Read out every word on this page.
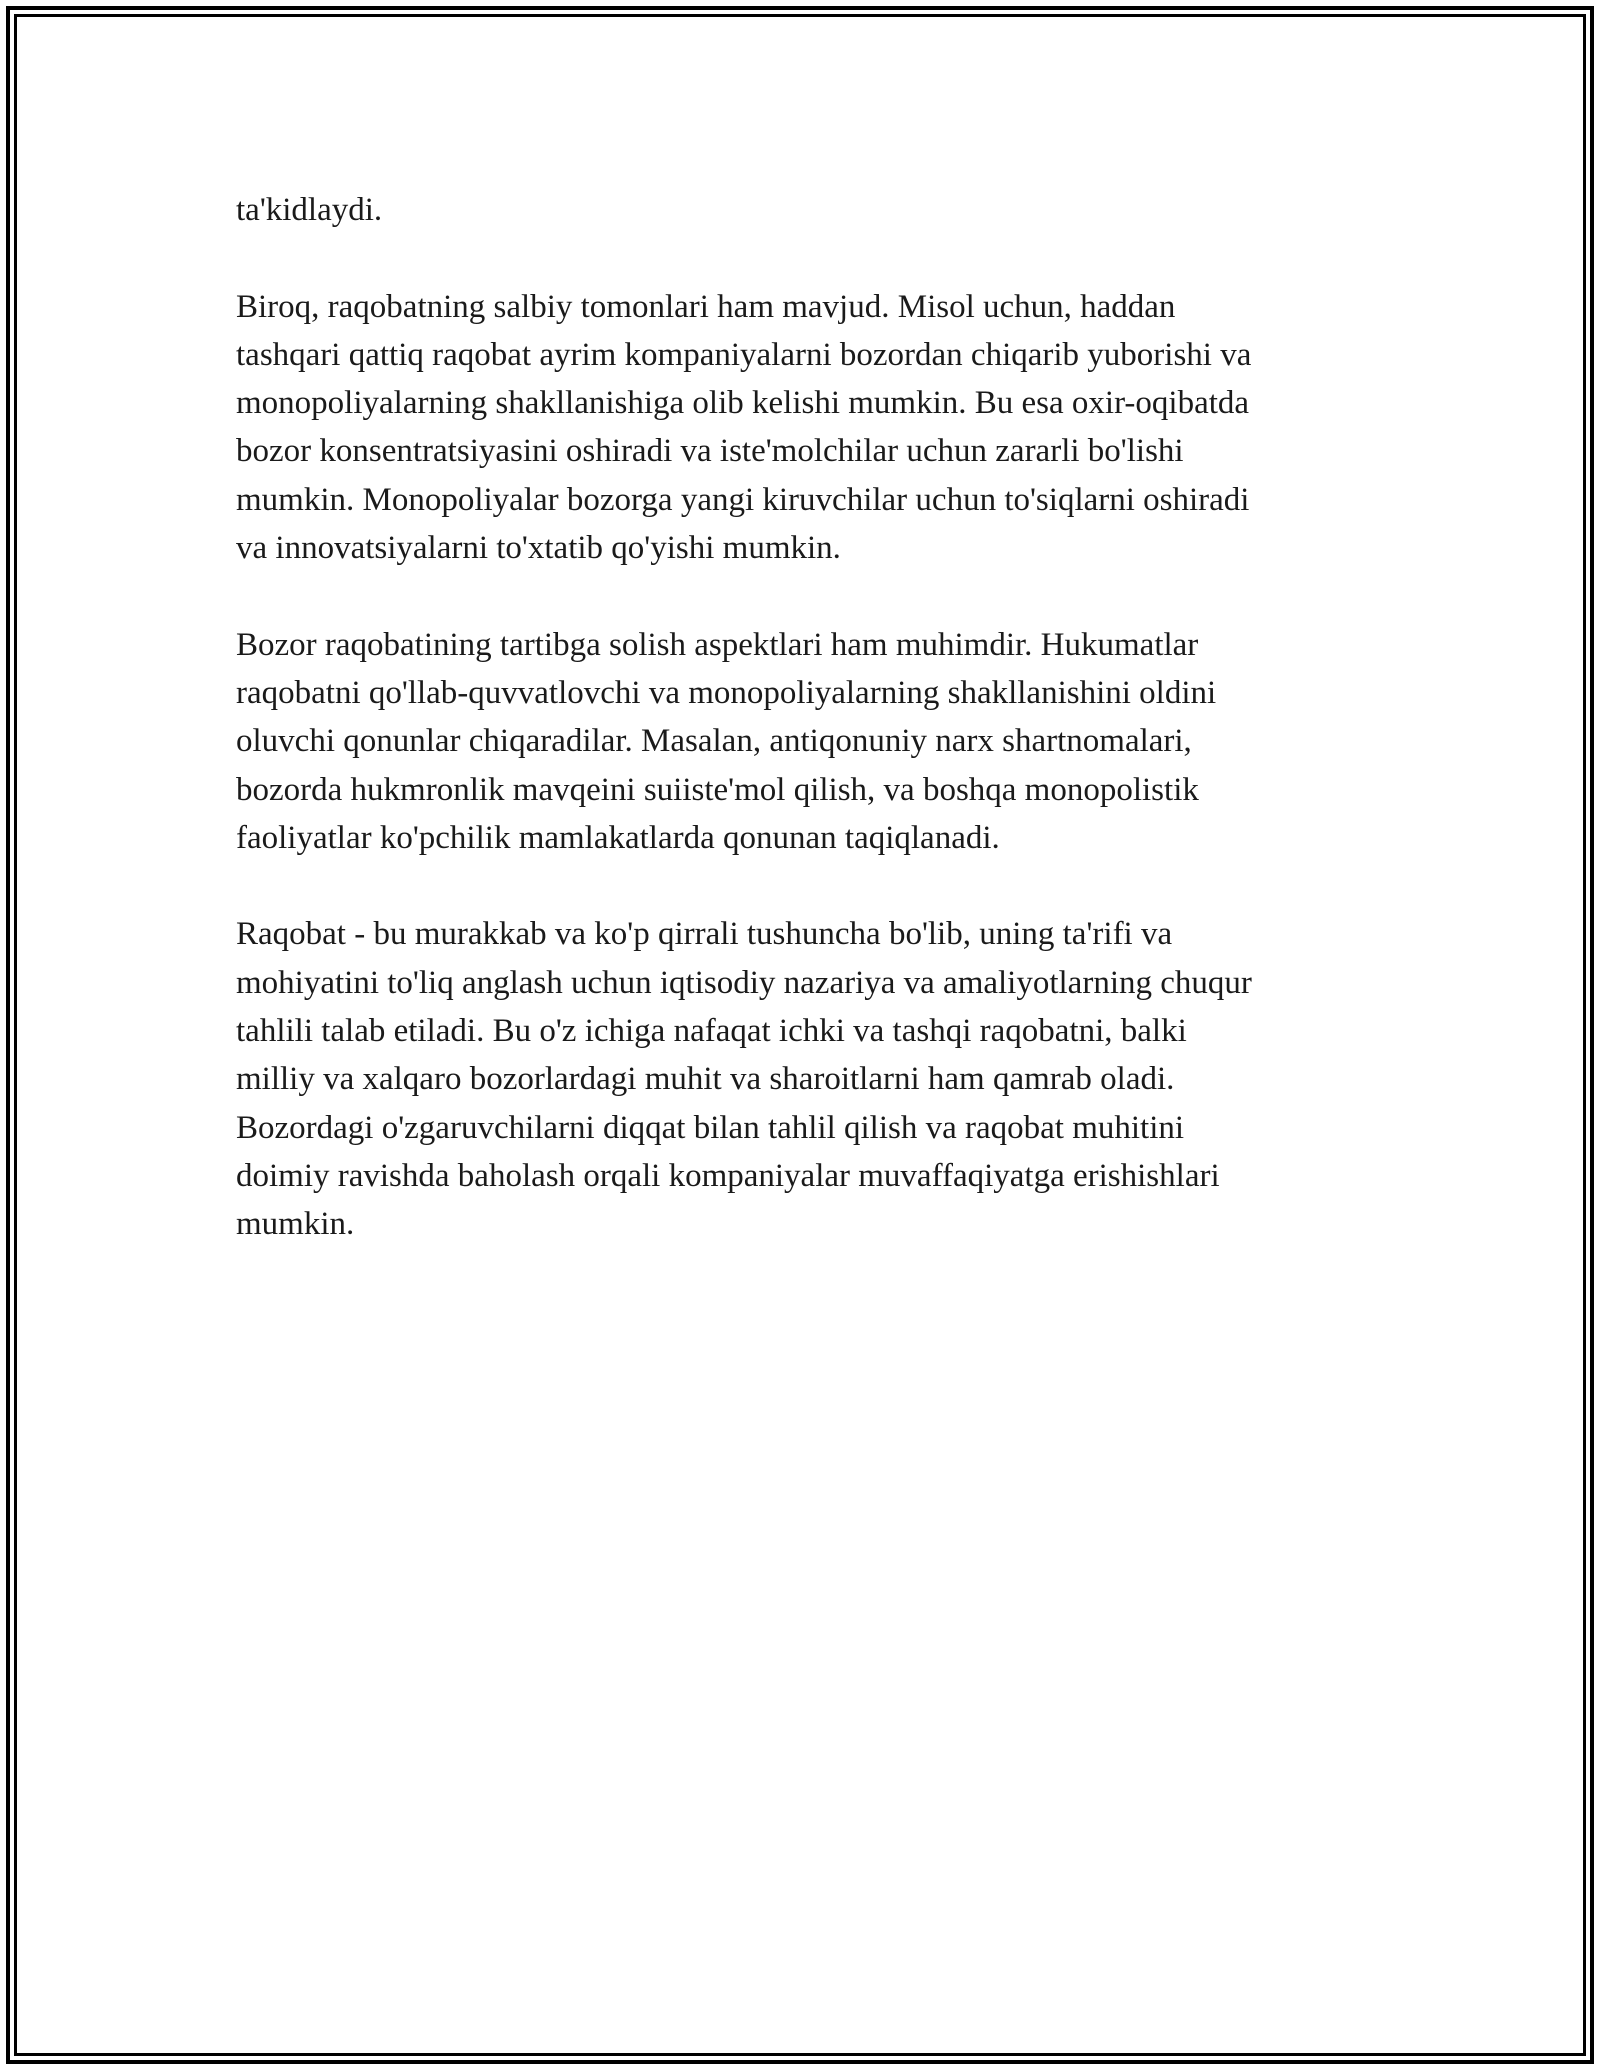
ta'kidlaydi.

Biroq, raqobatning salbiy tomonlari ham mavjud. Misol uchun, haddan
tashqari qattiq raqobat ayrim kompaniyalarni bozordan chiqarib yuborishi va
monopoliyalarning shakllanishiga olib kelishi mumkin. Bu esa oxir-oqibatda
bozor konsentratsiyasini oshiradi va iste'molchilar uchun zararli bo'lishi
mumkin. Monopoliyalar bozorga yangi kiruvchilar uchun to'siqlarni oshiradi
va innovatsiyalarni to'xtatib qo'yishi mumkin.

Bozor raqobatining tartibga solish aspektlari ham muhimdir. Hukumatlar
raqobatni qo'llab-quvvatlovchi va monopoliyalarning shakllanishini oldini
oluvchi qonunlar chiqaradilar. Masalan, antiqonuniy narx shartnomalari,
bozorda hukmronlik mavqeini suiiste'mol qilish, va boshqa monopolistik
faoliyatlar ko'pchilik mamlakatlarda qonunan taqiqlanadi.

Raqobat - bu murakkab va ko'p qirrali tushuncha bo'lib, uning ta'rifi va
mohiyatini to'liq anglash uchun iqtisodiy nazariya va amaliyotlarning chuqur
tahlili talab etiladi. Bu o'z ichiga nafaqat ichki va tashqi raqobatni, balki
milliy va xalqaro bozorlardagi muhit va sharoitlarni ham qamrab oladi.
Bozordagi o'zgaruvchilarni diqqat bilan tahlil qilish va raqobat muhitini
doimiy ravishda baholash orqali kompaniyalar muvaffaqiyatga erishishlari
mumkin.
